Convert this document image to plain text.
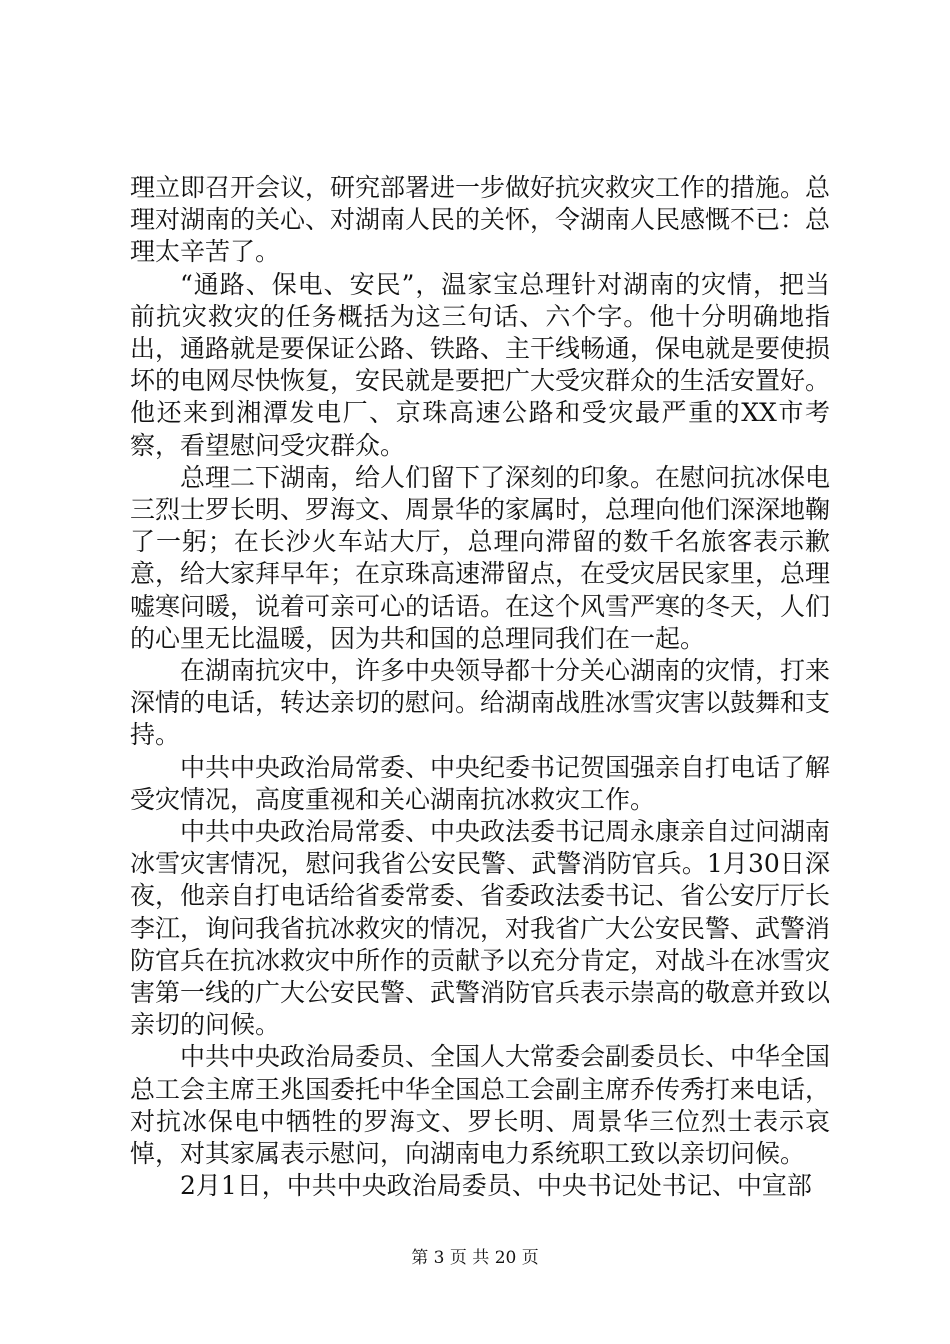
理立即召开会议，研究部署进一步做好抗灾救灾工作的措施。总理对湖南的关心、对湖南人民的关怀，令湖南人民感慨不已：总理太辛苦了。

“通路、保电、安民”，温家宝总理针对湖南的灾情，把当前抗灾救灾的任务概括为这三句话、六个字。他十分明确地指出，通路就是要保证公路、铁路、主干线畅通，保电就是要使损坏的电网尽快恢复，安民就是要把广大受灾群众的生活安置好。他还来到湘潭发电厂、京珠高速公路和受灾最严重的XX市考察，看望慰问受灾群众。

总理二下湖南，给人们留下了深刻的印象。在慰问抗冰保电三烈士罗长明、罗海文、周景华的家属时，总理向他们深深地鞠了一躬；在长沙火车站大厅，总理向滞留的数千名旅客表示歉意，给大家拜早年；在京珠高速滞留点，在受灾居民家里，总理嘘寒问暖，说着可亲可心的话语。在这个风雪严寒的冬天，人们的心里无比温暖，因为共和国的总理同我们在一起。

在湖南抗灾中，许多中央领导都十分关心湖南的灾情，打来深情的电话，转达亲切的慰问。给湖南战胜冰雪灾害以鼓舞和支持。

中共中央政治局常委、中央纪委书记贺国强亲自打电话了解受灾情况，高度重视和关心湖南抗冰救灾工作。

中共中央政治局常委、中央政法委书记周永康亲自过问湖南冰雪灾害情况，慰问我省公安民警、武警消防官兵。1月30日深夜，他亲自打电话给省委常委、省委政法委书记、省公安厅厅长李江，询问我省抗冰救灾的情况，对我省广大公安民警、武警消防官兵在抗冰救灾中所作的贡献予以充分肯定，对战斗在冰雪灾害第一线的广大公安民警、武警消防官兵表示崇高的敬意并致以亲切的问候。

中共中央政治局委员、全国人大常委会副委员长、中华全国总工会主席王兆国委托中华全国总工会副主席乔传秀打来电话，对抗冰保电中牺牲的罗海文、罗长明、周景华三位烈士表示哀悼，对其家属表示慰问，向湖南电力系统职工致以亲切问候。

2月1日，中共中央政治局委员、中央书记处书记、中宣部

第 3 页 共 20 页
